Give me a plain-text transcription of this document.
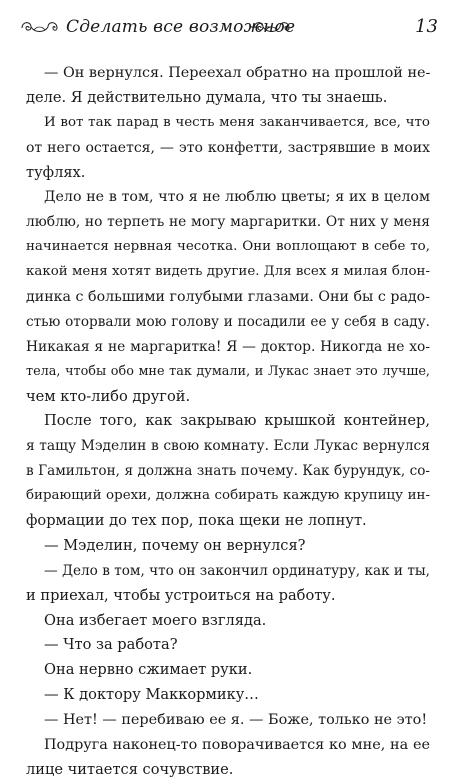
Сделать все возможное	13
— Он вернулся. Переехал обратно на прошлой не-
деле. Я действительно думала, что ты знаешь.
И вот так парад в честь меня заканчивается, все, что
от него остается, — это конфетти, застрявшие в моих
туфлях.
Дело не в том, что я не люблю цветы; я их в целом
люблю, но терпеть не могу маргаритки. От них у меня
начинается нервная чесотка. Они воплощают в себе то,
какой меня хотят видеть другие. Для всех я милая блон-
динка с большими голубыми глазами. Они бы с радо-
стью оторвали мою голову и посадили ее у себя в саду.
Никакая я не маргаритка! Я — доктор. Никогда не хо-
тела, чтобы обо мне так думали, и Лукас знает это лучше,
чем кто-либо другой.
После того, как закрываю крышкой контейнер,
я тащу Мэделин в свою комнату. Если Лукас вернулся
в Гамильтон, я должна знать почему. Как бурундук, со-
бирающий орехи, должна собирать каждую крупицу ин-
формации до тех пор, пока щеки не лопнут.
— Мэделин, почему он вернулся?
— Дело в том, что он закончил ординатуру, как и ты,
и приехал, чтобы устроиться на работу.
Она избегает моего взгляда.
— Что за работа?
Она нервно сжимает руки.
— К доктору Маккормику…
— Нет! — перебиваю ее я. — Боже, только не это!
Подруга наконец-то поворачивается ко мне, на ее
лице читается сочувствие.
